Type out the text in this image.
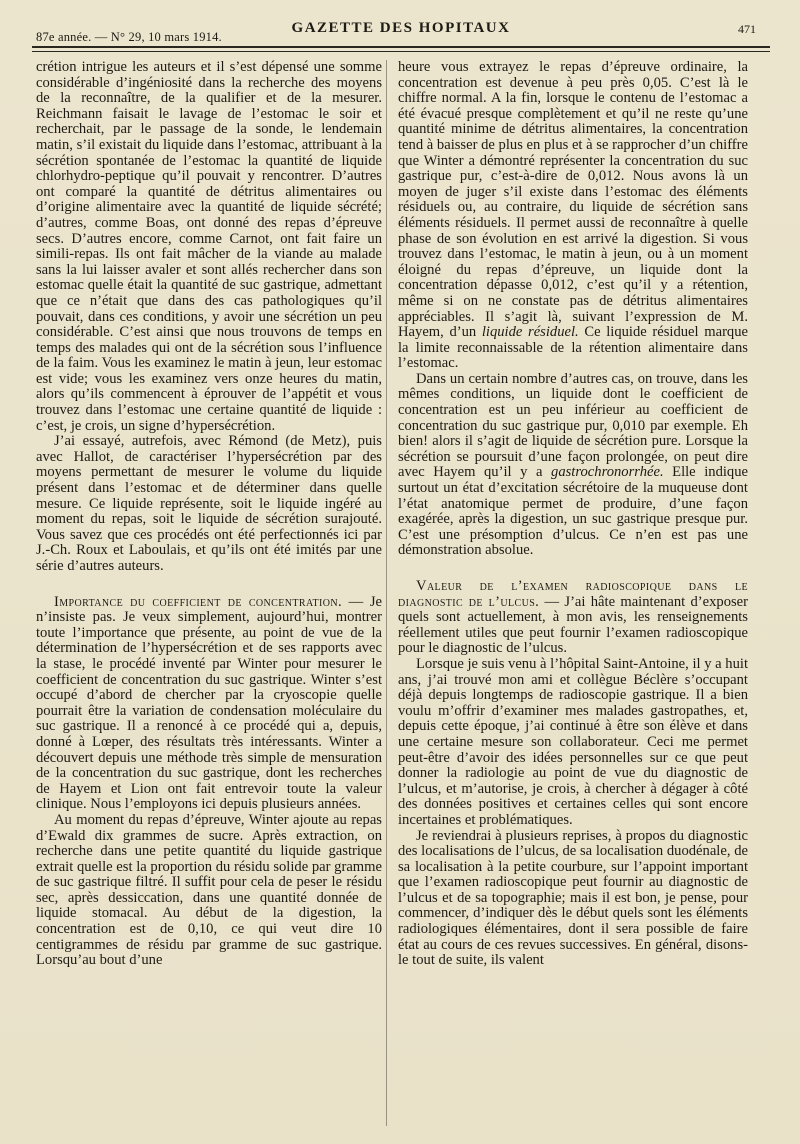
87e année. — N° 29, 10 mars 1914.
GAZETTE DES HOPITAUX	471

crétion intrigue les auteurs et il s’est dépensé une somme considérable d’ingéniosité dans la recherche des moyens de la reconnaître, de la qualifier et de la mesurer. Reichmann faisait le lavage de l’estomac le soir et recherchait, par le passage de la sonde, le lendemain matin, s’il existait du liquide dans l’estomac, attribuant à la sécrétion spontanée de l’estomac la quantité de liquide chlorhydro-peptique qu’il pouvait y rencontrer. D’autres ont comparé la quantité de détritus alimentaires ou d’origine alimentaire avec la quantité de liquide sécrété; d’autres, comme Boas, ont donné des repas d’épreuve secs. D’autres encore, comme Carnot, ont fait faire un simili-repas. Ils ont fait mâcher de la viande au malade sans la lui laisser avaler et sont allés rechercher dans son estomac quelle était la quantité de suc gastrique, admettant que ce n’était que dans des cas pathologiques qu’il pouvait, dans ces conditions, y avoir une sécrétion un peu considérable. C’est ainsi que nous trouvons de temps en temps des malades qui ont de la sécrétion sous l’influence de la faim. Vous les examinez le matin à jeun, leur estomac est vide; vous les examinez vers onze heures du matin, alors qu’ils commencent à éprouver de l’appétit et vous trouvez dans l’estomac une certaine quantité de liquide : c’est, je crois, un signe d’hypersécrétion.

J’ai essayé, autrefois, avec Rémond (de Metz), puis avec Hallot, de caractériser l’hypersécrétion par des moyens permettant de mesurer le volume du liquide présent dans l’estomac et de déterminer dans quelle mesure. Ce liquide représente, soit le liquide ingéré au moment du repas, soit le liquide de sécrétion surajouté. Vous savez que ces procédés ont été perfectionnés ici par J.-Ch. Roux et Laboulais, et qu’ils ont été imités par une série d’autres auteurs.

Importance du coefficient de concentration. — Je n’insiste pas. Je veux simplement, aujourd’hui, montrer toute l’importance que présente, au point de vue de la détermination de l’hypersécrétion et de ses rapports avec la stase, le procédé inventé par Winter pour mesurer le coefficient de concentration du suc gastrique. Winter s’est occupé d’abord de chercher par la cryoscopie quelle pourrait être la variation de condensation moléculaire du suc gastrique. Il a renoncé à ce procédé qui a, depuis, donné à Lœper, des résultats très intéressants. Winter a découvert depuis une méthode très simple de mensuration de la concentration du suc gastrique, dont les recherches de Hayem et Lion ont fait entrevoir toute la valeur clinique. Nous l’employons ici depuis plusieurs années.

Au moment du repas d’épreuve, Winter ajoute au repas d’Ewald dix grammes de sucre. Après extraction, on recherche dans une petite quantité du liquide gastrique extrait quelle est la proportion du résidu solide par gramme de suc gastrique filtré. Il suffit pour cela de peser le résidu sec, après dessiccation, dans une quantité donnée de liquide stomacal. Au début de la digestion, la concentration est de 0,10, ce qui veut dire 10 centigrammes de résidu par gramme de suc gastrique. Lorsqu’au bout d’une

heure vous extrayez le repas d’épreuve ordinaire, la concentration est devenue à peu près 0,05. C’est là le chiffre normal. A la fin, lorsque le contenu de l’estomac a été évacué presque complètement et qu’il ne reste qu’une quantité minime de détritus alimentaires, la concentration tend à baisser de plus en plus et à se rapprocher d’un chiffre que Winter a démontré représenter la concentration du suc gastrique pur, c’est-à-dire de 0,012. Nous avons là un moyen de juger s’il existe dans l’estomac des éléments résiduels ou, au contraire, du liquide de sécrétion sans éléments résiduels. Il permet aussi de reconnaître à quelle phase de son évolution en est arrivé la digestion. Si vous trouvez dans l’estomac, le matin à jeun, ou à un moment éloigné du repas d’épreuve, un liquide dont la concentration dépasse 0,012, c’est qu’il y a rétention, même si on ne constate pas de détritus alimentaires appréciables. Il s’agit là, suivant l’expression de M. Hayem, d’un liquide résiduel. Ce liquide résiduel marque la limite reconnaissable de la rétention alimentaire dans l’estomac.

Dans un certain nombre d’autres cas, on trouve, dans les mêmes conditions, un liquide dont le coefficient de concentration est un peu inférieur au coefficient de concentration du suc gastrique pur, 0,010 par exemple. Eh bien! alors il s’agit de liquide de sécrétion pure. Lorsque la sécrétion se poursuit d’une façon prolongée, on peut dire avec Hayem qu’il y a gastrochronorrhée. Elle indique surtout un état d’excitation sécrétoire de la muqueuse dont l’état anatomique permet de produire, d’une façon exagérée, après la digestion, un suc gastrique presque pur. C’est une présomption d’ulcus. Ce n’en est pas une démonstration absolue.

Valeur de l’examen radioscopique dans le diagnostic de l’ulcus. — J’ai hâte maintenant d’exposer quels sont actuellement, à mon avis, les renseignements réellement utiles que peut fournir l’examen radioscopique pour le diagnostic de l’ulcus.

Lorsque je suis venu à l’hôpital Saint-Antoine, il y a huit ans, j’ai trouvé mon ami et collègue Béclère s’occupant déjà depuis longtemps de radioscopie gastrique. Il a bien voulu m’offrir d’examiner mes malades gastropathes, et, depuis cette époque, j’ai continué à être son élève et dans une certaine mesure son collaborateur. Ceci me permet peut-être d’avoir des idées personnelles sur ce que peut donner la radiologie au point de vue du diagnostic de l’ulcus, et m’autorise, je crois, à chercher à dégager à côté des données positives et certaines celles qui sont encore incertaines et problématiques.

Je reviendrai à plusieurs reprises, à propos du diagnostic des localisations de l’ulcus, de sa localisation duodénale, de sa localisation à la petite courbure, sur l’appoint important que l’examen radioscopique peut fournir au diagnostic de l’ulcus et de sa topographie; mais il est bon, je pense, pour commencer, d’indiquer dès le début quels sont les éléments radiologiques élémentaires, dont il sera possible de faire état au cours de ces revues successives. En général, disons-le tout de suite, ils valent
